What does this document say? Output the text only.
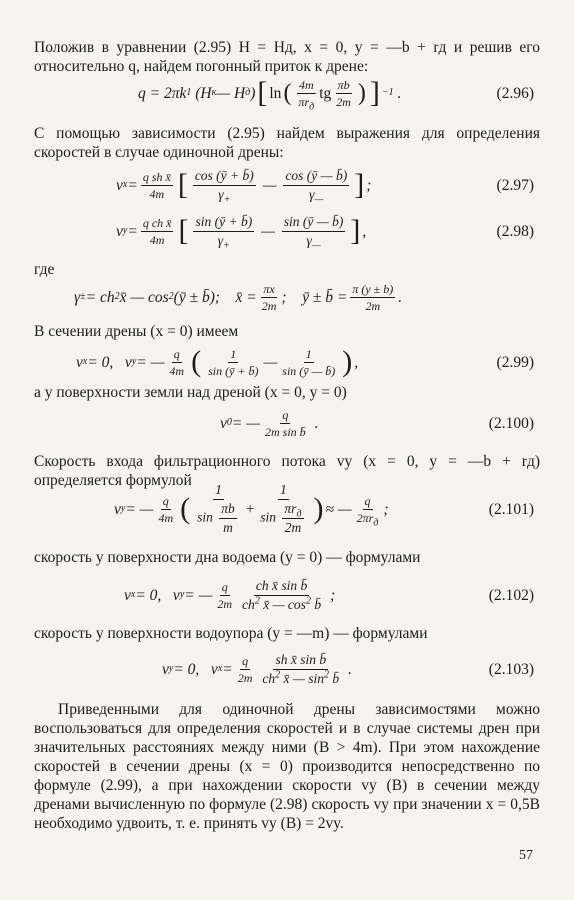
Положив в уравнении (2.95) H = Hд, x = 0, y = —b + rд и решив его относительно q, найдем погонный приток к дрене:
q = 2πk 1 (H к — H д ) [ ln ( $\frac{4m}{\pi r_д}$ tg $\frac{\pi b}{2m}$ ) ] −1 .	(2.96)
С помощью зависимости (2.95) найдем выражения для определения скоростей в случае одиночной дрены:
v $x = \frac{\text{q sh x̄}}{4m}$ [ $\frac{\cos (ȳ + b̄)}{\gamma_+}$ — $\frac{\cos (ȳ — b̄)}{\gamma_—}$ ] ;	(2.97)
v $y = \frac{\text{q ch x̄}}{4m}$ [ $\frac{\sin (ȳ + b̄)}{\gamma_+}$ — $\frac{\sin (ȳ — b̄)}{\gamma_—}$ ] ,	(2.98)
где
γ ± = ch 2 x̄ — cos 2 (ȳ ± b̄);    x̄ = $\frac{\pi x}{2m}$ ;    ȳ ± b̄ = $\frac{\pi (y \pm b)}{2m}$ .
В сечении дрены (x = 0) имеем
v x = 0,   v y = — $\frac{q}{4m}$ ( $\frac{1}{\sin (ȳ + b̄)}$ — $\frac{1}{\sin (ȳ — b̄)}$ ) ,	(2.99)
а у поверхности земли над дреной (x = 0, y = 0)
v 0 = — $\frac{q}{\text{2m sin b̄}}$ .	(2.100)
Скорость входа фильтрационного потока vy (x = 0, y = —b + rд) определяется формулой
v y = — $\frac{q}{4m}$ ( $\frac{1}{\sin \frac{\pi b}{m}} + \frac{1}{\sin \frac{\pi r_д}{2m}}$ ) ≈ — $\frac{q}{2\pi r_д}$ ;	(2.101)
скорость у поверхности дна водоема (y = 0) — формулами
v x = 0,   v y = — $\frac{q}{2m} \frac{\text{ch x̄ sin b̄}}{ch^2 x̄ — \cos^2 b̄}$ ;	(2.102)
скорость у поверхности водоупора (y = —m) — формулами
v y = 0,   v $x = \frac{q}{2m} \frac{\text{sh x̄ sin b̄}}{ch^2 x̄ — \sin^2 b̄}$ .	(2.103)
Приведенными для одиночной дрены зависимостями можно воспользоваться для определения скоростей и в случае системы дрен при значительных расстояниях между ними (B > 4m). При этом нахождение скоростей в сечении дрены (x = 0) производится непосредственно по формуле (2.99), а при нахождении скорости vy (B) в сечении между дренами вычисленную по формуле (2.98) скорость vy при значении x = 0,5B необходимо удвоить, т. е. принять vy (B) = 2vy.
57
